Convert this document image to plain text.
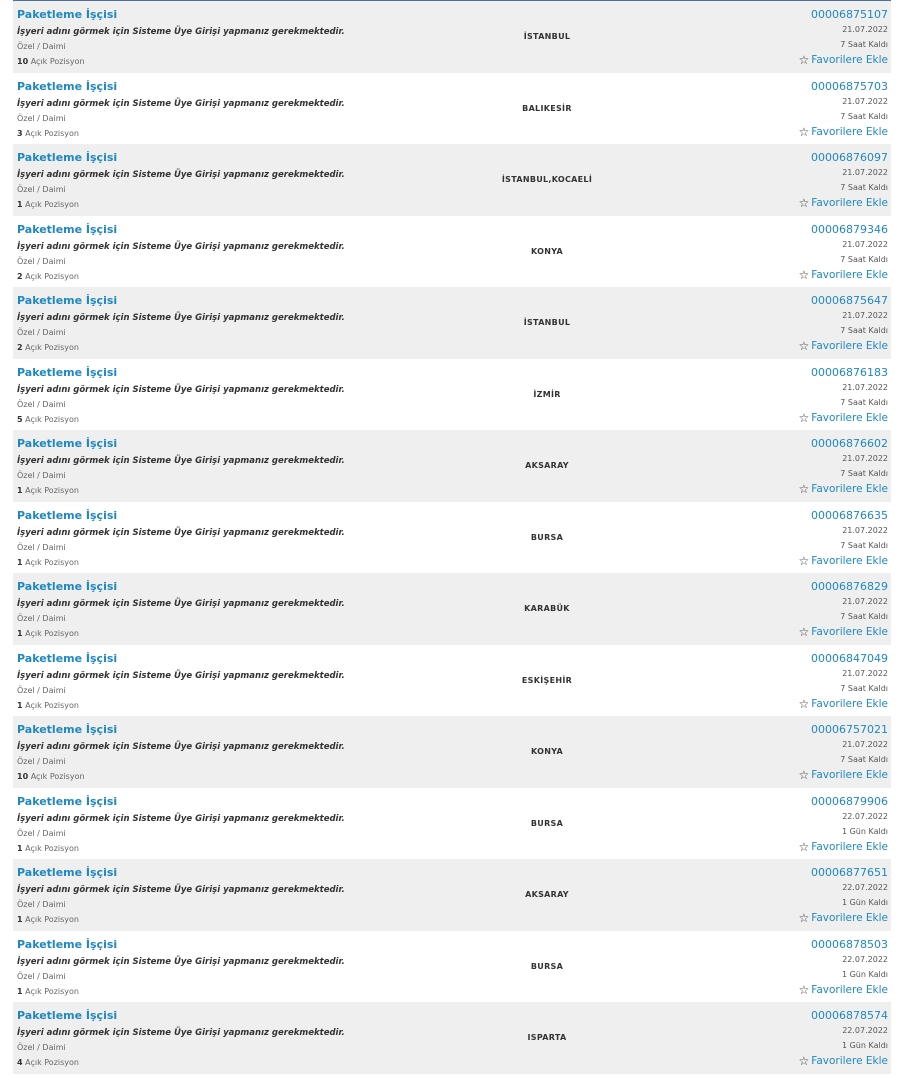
Paketleme İşçisi
İşyeri adını görmek için Sisteme Üye Girişi yapmanız gerekmektedir.
Özel / Daimi
10 Açık Pozisyon
İSTANBUL
00006875107
21.07.2022
7 Saat Kaldı
☆ Favorilere Ekle
Paketleme İşçisi
İşyeri adını görmek için Sisteme Üye Girişi yapmanız gerekmektedir.
Özel / Daimi
3 Açık Pozisyon
BALIKESİR
00006875703
21.07.2022
7 Saat Kaldı
☆ Favorilere Ekle
Paketleme İşçisi
İşyeri adını görmek için Sisteme Üye Girişi yapmanız gerekmektedir.
Özel / Daimi
1 Açık Pozisyon
İSTANBUL,KOCAELİ
00006876097
21.07.2022
7 Saat Kaldı
☆ Favorilere Ekle
Paketleme İşçisi
İşyeri adını görmek için Sisteme Üye Girişi yapmanız gerekmektedir.
Özel / Daimi
2 Açık Pozisyon
KONYA
00006879346
21.07.2022
7 Saat Kaldı
☆ Favorilere Ekle
Paketleme İşçisi
İşyeri adını görmek için Sisteme Üye Girişi yapmanız gerekmektedir.
Özel / Daimi
2 Açık Pozisyon
İSTANBUL
00006875647
21.07.2022
7 Saat Kaldı
☆ Favorilere Ekle
Paketleme İşçisi
İşyeri adını görmek için Sisteme Üye Girişi yapmanız gerekmektedir.
Özel / Daimi
5 Açık Pozisyon
İZMİR
00006876183
21.07.2022
7 Saat Kaldı
☆ Favorilere Ekle
Paketleme İşçisi
İşyeri adını görmek için Sisteme Üye Girişi yapmanız gerekmektedir.
Özel / Daimi
1 Açık Pozisyon
AKSARAY
00006876602
21.07.2022
7 Saat Kaldı
☆ Favorilere Ekle
Paketleme İşçisi
İşyeri adını görmek için Sisteme Üye Girişi yapmanız gerekmektedir.
Özel / Daimi
1 Açık Pozisyon
BURSA
00006876635
21.07.2022
7 Saat Kaldı
☆ Favorilere Ekle
Paketleme İşçisi
İşyeri adını görmek için Sisteme Üye Girişi yapmanız gerekmektedir.
Özel / Daimi
1 Açık Pozisyon
KARABÜK
00006876829
21.07.2022
7 Saat Kaldı
☆ Favorilere Ekle
Paketleme İşçisi
İşyeri adını görmek için Sisteme Üye Girişi yapmanız gerekmektedir.
Özel / Daimi
1 Açık Pozisyon
ESKİŞEHİR
00006847049
21.07.2022
7 Saat Kaldı
☆ Favorilere Ekle
Paketleme İşçisi
İşyeri adını görmek için Sisteme Üye Girişi yapmanız gerekmektedir.
Özel / Daimi
10 Açık Pozisyon
KONYA
00006757021
21.07.2022
7 Saat Kaldı
☆ Favorilere Ekle
Paketleme İşçisi
İşyeri adını görmek için Sisteme Üye Girişi yapmanız gerekmektedir.
Özel / Daimi
1 Açık Pozisyon
BURSA
00006879906
22.07.2022
1 Gün Kaldı
☆ Favorilere Ekle
Paketleme İşçisi
İşyeri adını görmek için Sisteme Üye Girişi yapmanız gerekmektedir.
Özel / Daimi
1 Açık Pozisyon
AKSARAY
00006877651
22.07.2022
1 Gün Kaldı
☆ Favorilere Ekle
Paketleme İşçisi
İşyeri adını görmek için Sisteme Üye Girişi yapmanız gerekmektedir.
Özel / Daimi
1 Açık Pozisyon
BURSA
00006878503
22.07.2022
1 Gün Kaldı
☆ Favorilere Ekle
Paketleme İşçisi
İşyeri adını görmek için Sisteme Üye Girişi yapmanız gerekmektedir.
Özel / Daimi
4 Açık Pozisyon
ISPARTA
00006878574
22.07.2022
1 Gün Kaldı
☆ Favorilere Ekle
